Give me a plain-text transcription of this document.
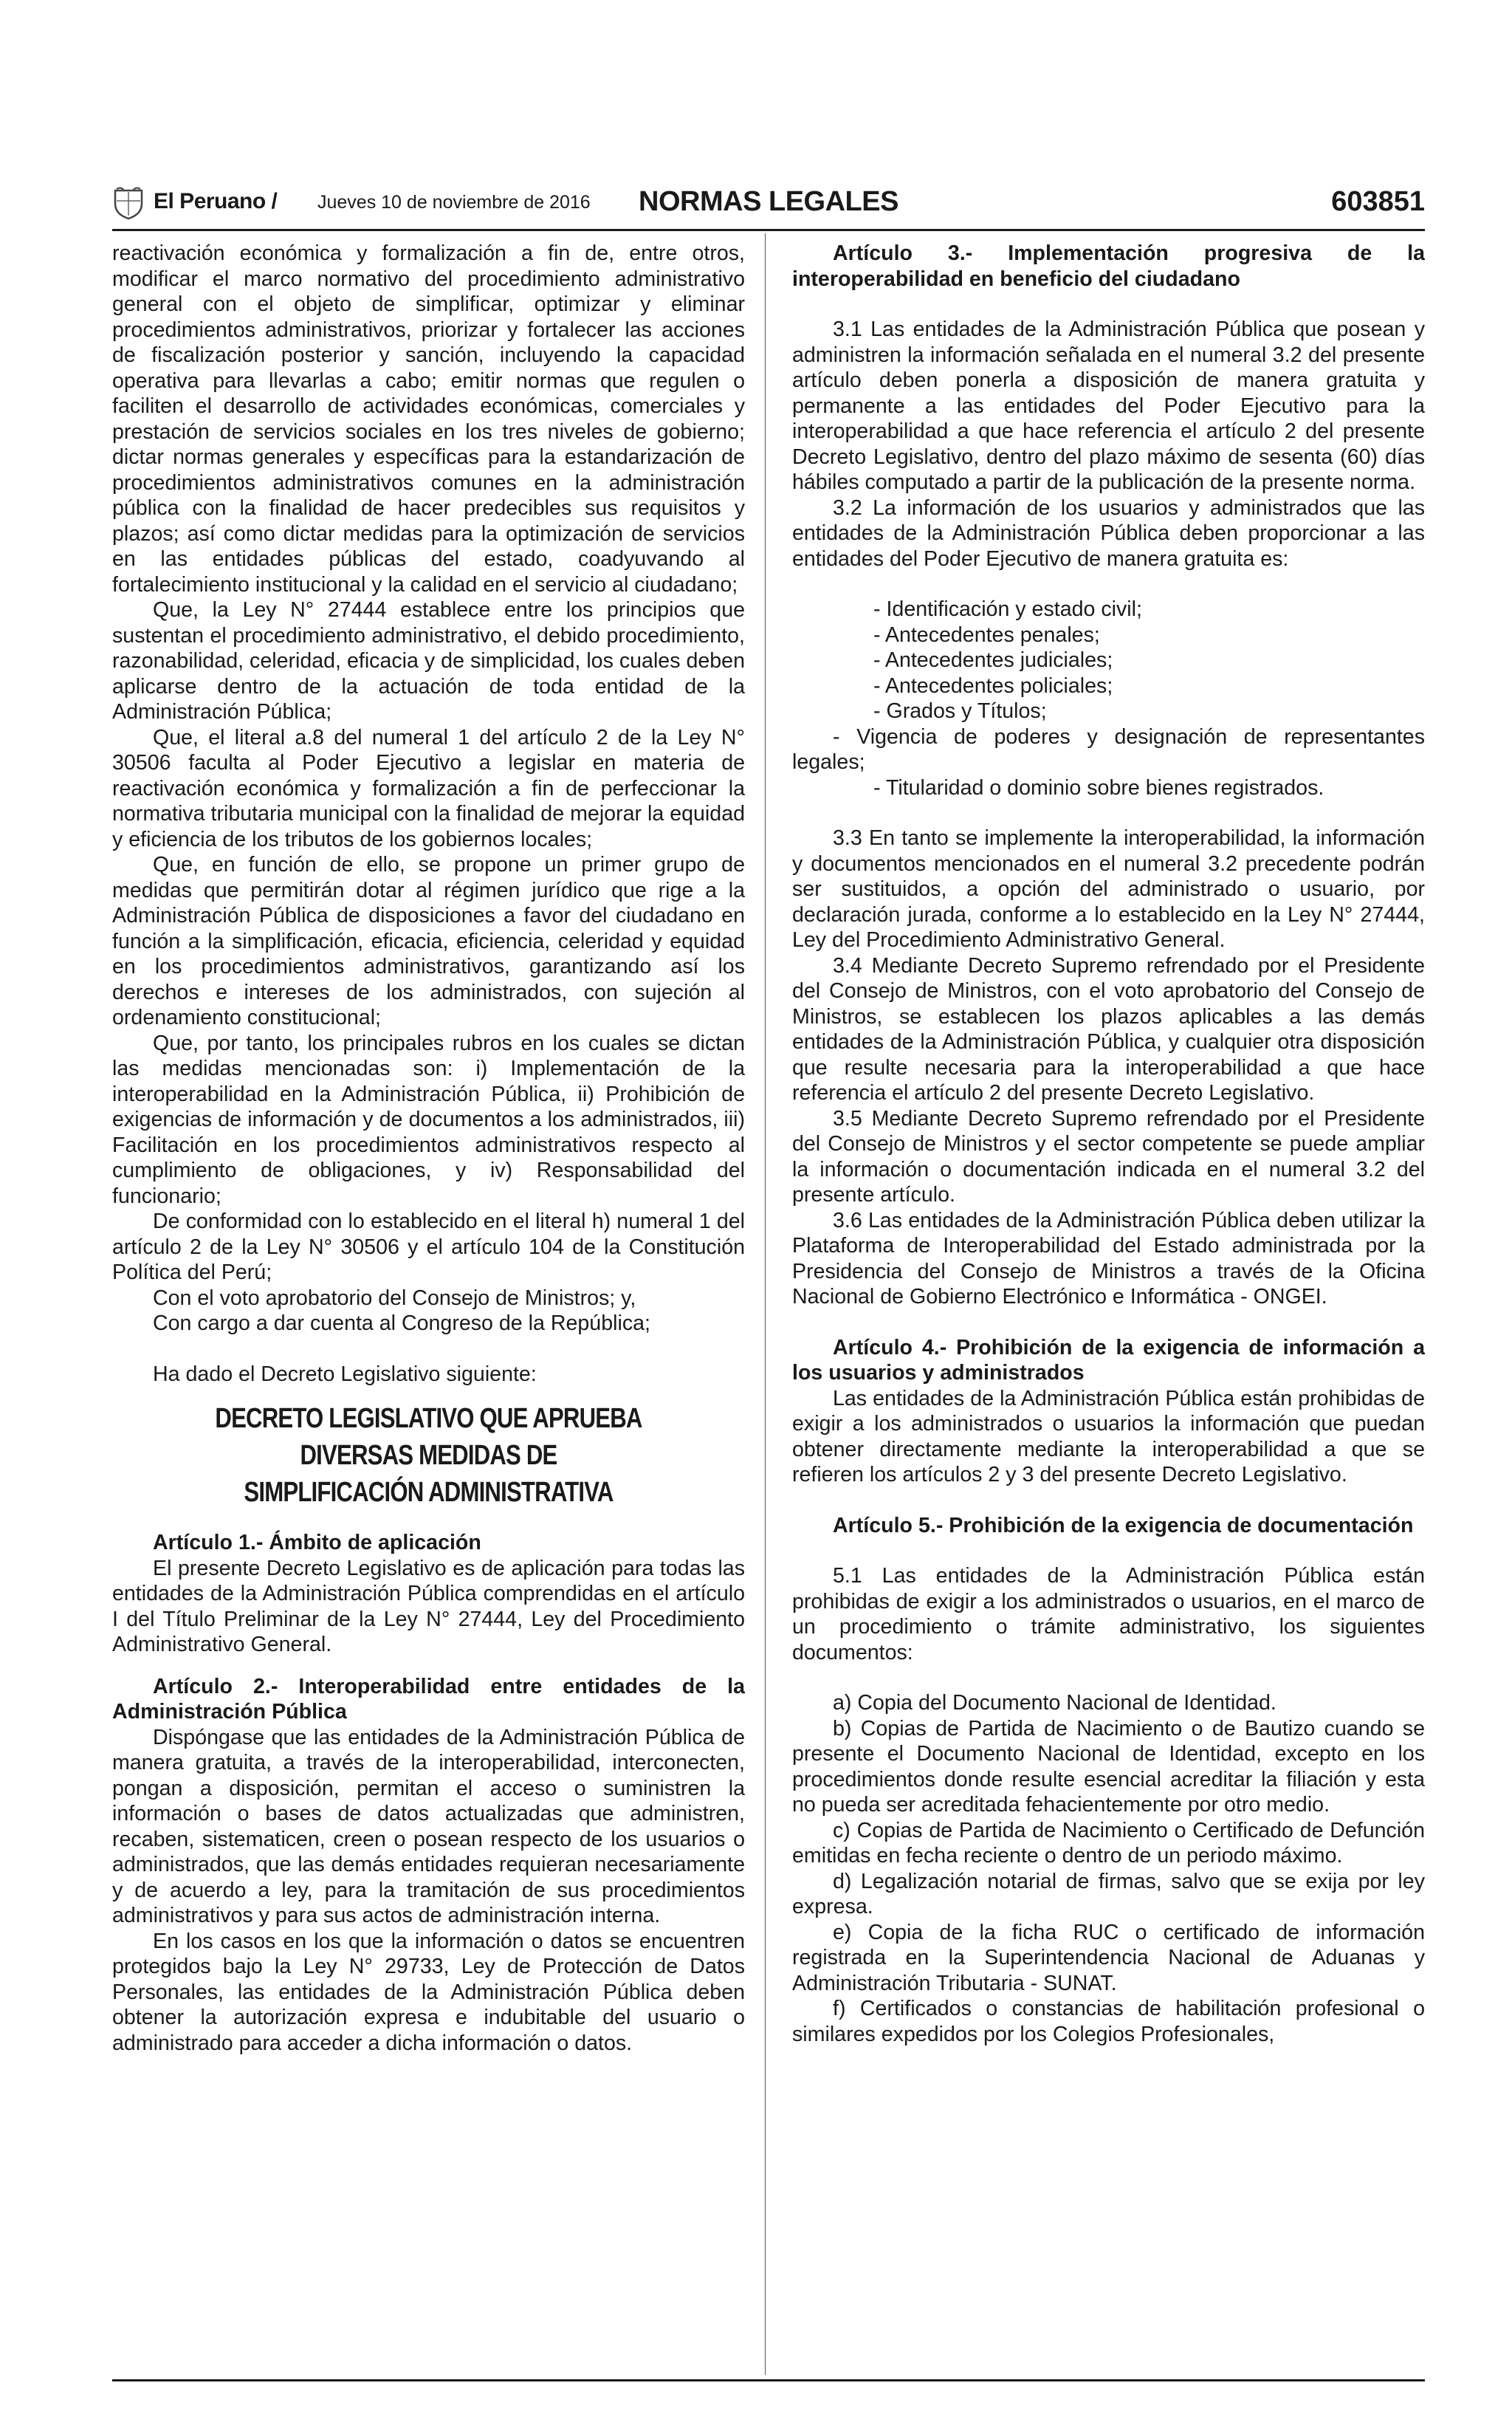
El Peruano / Jueves 10 de noviembre de 2016	NORMAS LEGALES	603851

reactivación económica y formalización a fin de, entre otros, modificar el marco normativo del procedimiento administrativo general con el objeto de simplificar, optimizar y eliminar procedimientos administrativos, priorizar y fortalecer las acciones de fiscalización posterior y sanción, incluyendo la capacidad operativa para llevarlas a cabo; emitir normas que regulen o faciliten el desarrollo de actividades económicas, comerciales y prestación de servicios sociales en los tres niveles de gobierno; dictar normas generales y específicas para la estandarización de procedimientos administrativos comunes en la administración pública con la finalidad de hacer predecibles sus requisitos y plazos; así como dictar medidas para la optimización de servicios en las entidades públicas del estado, coadyuvando al fortalecimiento institucional y la calidad en el servicio al ciudadano;

Que, la Ley N° 27444 establece entre los principios que sustentan el procedimiento administrativo, el debido procedimiento, razonabilidad, celeridad, eficacia y de simplicidad, los cuales deben aplicarse dentro de la actuación de toda entidad de la Administración Pública;

Que, el literal a.8 del numeral 1 del artículo 2 de la Ley N° 30506 faculta al Poder Ejecutivo a legislar en materia de reactivación económica y formalización a fin de perfeccionar la normativa tributaria municipal con la finalidad de mejorar la equidad y eficiencia de los tributos de los gobiernos locales;

Que, en función de ello, se propone un primer grupo de medidas que permitirán dotar al régimen jurídico que rige a la Administración Pública de disposiciones a favor del ciudadano en función a la simplificación, eficacia, eficiencia, celeridad y equidad en los procedimientos administrativos, garantizando así los derechos e intereses de los administrados, con sujeción al ordenamiento constitucional;

Que, por tanto, los principales rubros en los cuales se dictan las medidas mencionadas son: i) Implementación de la interoperabilidad en la Administración Pública, ii) Prohibición de exigencias de información y de documentos a los administrados, iii) Facilitación en los procedimientos administrativos respecto al cumplimiento de obligaciones, y iv) Responsabilidad del funcionario;

De conformidad con lo establecido en el literal h) numeral 1 del artículo 2 de la Ley N° 30506 y el artículo 104 de la Constitución Política del Perú;

Con el voto aprobatorio del Consejo de Ministros; y,

Con cargo a dar cuenta al Congreso de la República;

Ha dado el Decreto Legislativo siguiente:

DECRETO LEGISLATIVO QUE APRUEBA
DIVERSAS MEDIDAS DE
SIMPLIFICACIÓN ADMINISTRATIVA

Artículo 1.- Ámbito de aplicación

El presente Decreto Legislativo es de aplicación para todas las entidades de la Administración Pública comprendidas en el artículo I del Título Preliminar de la Ley N° 27444, Ley del Procedimiento Administrativo General.

Artículo 2.- Interoperabilidad entre entidades de la Administración Pública

Dispóngase que las entidades de la Administración Pública de manera gratuita, a través de la interoperabilidad, interconecten, pongan a disposición, permitan el acceso o suministren la información o bases de datos actualizadas que administren, recaben, sistematicen, creen o posean respecto de los usuarios o administrados, que las demás entidades requieran necesariamente y de acuerdo a ley, para la tramitación de sus procedimientos administrativos y para sus actos de administración interna.

En los casos en los que la información o datos se encuentren protegidos bajo la Ley N° 29733, Ley de Protección de Datos Personales, las entidades de la Administración Pública deben obtener la autorización expresa e indubitable del usuario o administrado para acceder a dicha información o datos.

Artículo 3.- Implementación progresiva de la interoperabilidad en beneficio del ciudadano

3.1 Las entidades de la Administración Pública que posean y administren la información señalada en el numeral 3.2 del presente artículo deben ponerla a disposición de manera gratuita y permanente a las entidades del Poder Ejecutivo para la interoperabilidad a que hace referencia el artículo 2 del presente Decreto Legislativo, dentro del plazo máximo de sesenta (60) días hábiles computado a partir de la publicación de la presente norma.

3.2 La información de los usuarios y administrados que las entidades de la Administración Pública deben proporcionar a las entidades del Poder Ejecutivo de manera gratuita es:

- Identificación y estado civil;

- Antecedentes penales;

- Antecedentes judiciales;

- Antecedentes policiales;

- Grados y Títulos;

- Vigencia de poderes y designación de representantes legales;

- Titularidad o dominio sobre bienes registrados.

3.3 En tanto se implemente la interoperabilidad, la información y documentos mencionados en el numeral 3.2 precedente podrán ser sustituidos, a opción del administrado o usuario, por declaración jurada, conforme a lo establecido en la Ley N° 27444, Ley del Procedimiento Administrativo General.

3.4 Mediante Decreto Supremo refrendado por el Presidente del Consejo de Ministros, con el voto aprobatorio del Consejo de Ministros, se establecen los plazos aplicables a las demás entidades de la Administración Pública, y cualquier otra disposición que resulte necesaria para la interoperabilidad a que hace referencia el artículo 2 del presente Decreto Legislativo.

3.5 Mediante Decreto Supremo refrendado por el Presidente del Consejo de Ministros y el sector competente se puede ampliar la información o documentación indicada en el numeral 3.2 del presente artículo.

3.6 Las entidades de la Administración Pública deben utilizar la Plataforma de Interoperabilidad del Estado administrada por la Presidencia del Consejo de Ministros a través de la Oficina Nacional de Gobierno Electrónico e Informática - ONGEI.

Artículo 4.- Prohibición de la exigencia de información a los usuarios y administrados

Las entidades de la Administración Pública están prohibidas de exigir a los administrados o usuarios la información que puedan obtener directamente mediante la interoperabilidad a que se refieren los artículos 2 y 3 del presente Decreto Legislativo.

Artículo 5.- Prohibición de la exigencia de documentación

5.1 Las entidades de la Administración Pública están prohibidas de exigir a los administrados o usuarios, en el marco de un procedimiento o trámite administrativo, los siguientes documentos:

a) Copia del Documento Nacional de Identidad.

b) Copias de Partida de Nacimiento o de Bautizo cuando se presente el Documento Nacional de Identidad, excepto en los procedimientos donde resulte esencial acreditar la filiación y esta no pueda ser acreditada fehacientemente por otro medio.

c) Copias de Partida de Nacimiento o Certificado de Defunción emitidas en fecha reciente o dentro de un periodo máximo.

d) Legalización notarial de firmas, salvo que se exija por ley expresa.

e) Copia de la ficha RUC o certificado de información registrada en la Superintendencia Nacional de Aduanas y Administración Tributaria - SUNAT.

f) Certificados o constancias de habilitación profesional o similares expedidos por los Colegios Profesionales,
